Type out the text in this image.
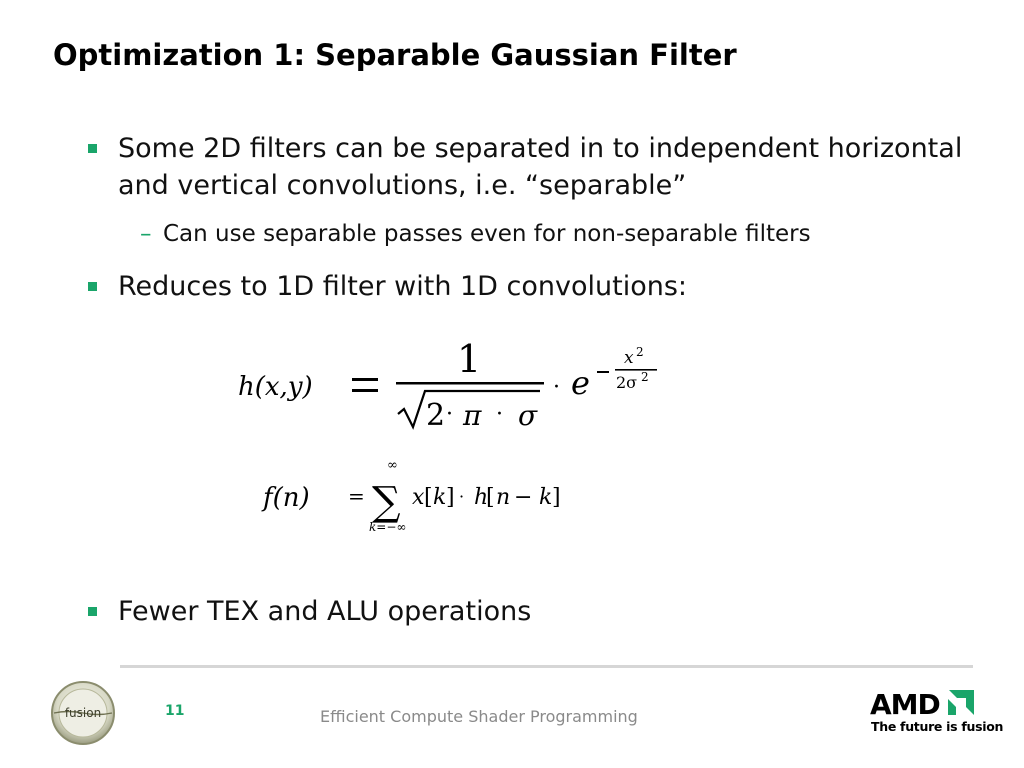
Optimization 1: Separable Gaussian Filter
Some 2D filters can be separated in to independent horizontal and vertical convolutions, i.e. “separable”
– Can use separable passes even for non-separable filters
Reduces to 1D filter with 1D convolutions:
h(x,y)
f(n)
1
2 · π · σ
· e
x 2
2σ 2
=
∞
∑
k=−∞
x [ k ] · h
[ n − k ]
Fewer TEX and ALU operations
fusion	11	Efficient Compute Shader Programming	AMD
The future is fusion
